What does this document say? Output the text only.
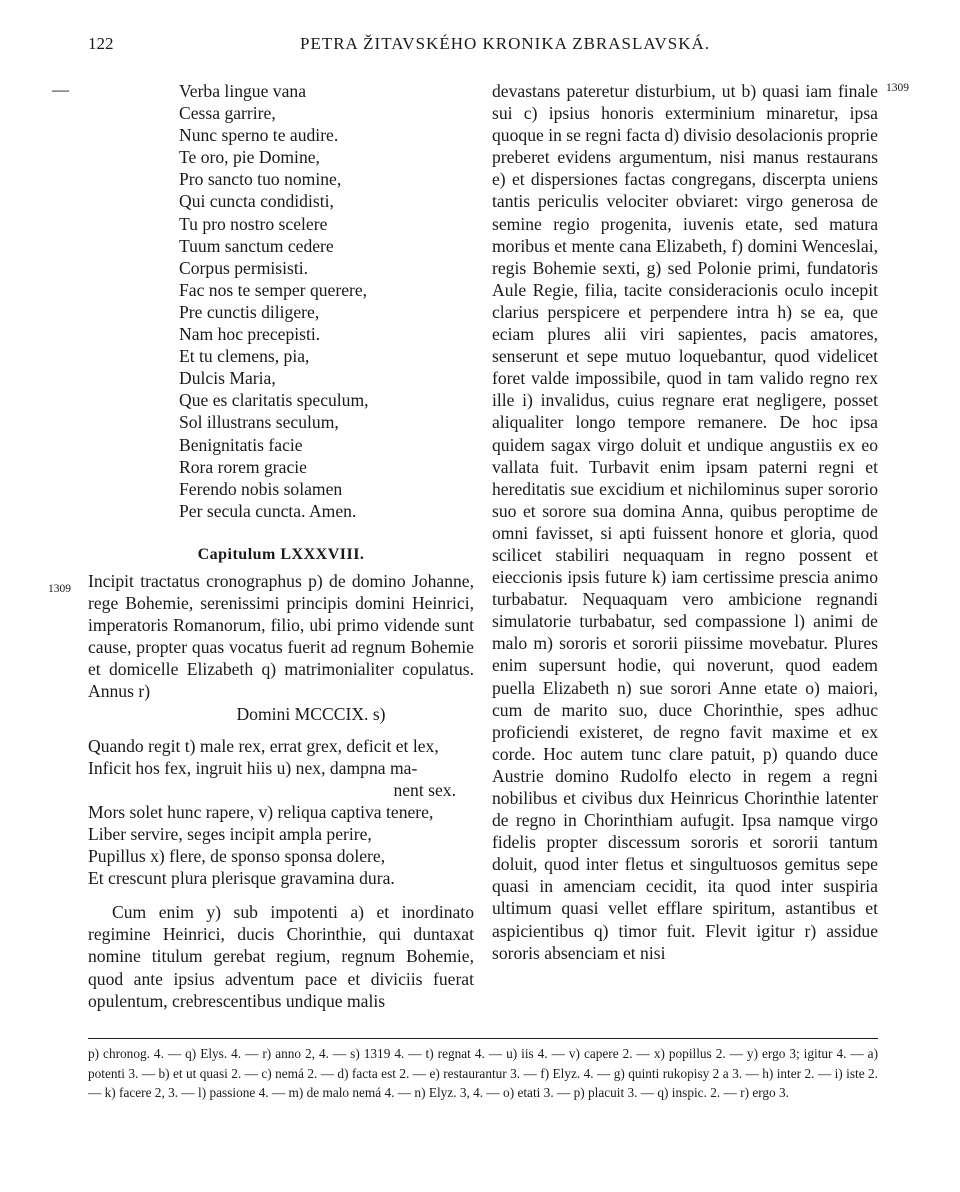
122	PETRA ŽITAVSKÉHO KRONIKA ZBRASLAVSKÁ.
—
1309
1309
Verba lingue vana
Cessa garrire,
Nunc sperno te audire.
Te oro, pie Domine,
Pro sancto tuo nomine,
Qui cuncta condidisti,
Tu pro nostro scelere
Tuum sanctum cedere
Corpus permisisti.
Fac nos te semper querere,
Pre cunctis diligere,
Nam hoc precepisti.
Et tu clemens, pia,
Dulcis Maria,
Que es claritatis speculum,
Sol illustrans seculum,
Benignitatis facie
Rora rorem gracie
Ferendo nobis solamen
Per secula cuncta. Amen.
Capitulum LXXXVIII.

Incipit tractatus cronographus p) de domino Johanne, rege Bohemie, serenissimi principis domini Heinrici, imperatoris Romanorum, filio, ubi primo vidende sunt cause, propter quas vocatus fuerit ad regnum Bohemie et domicelle Elizabeth q) matrimonialiter copulatus. Annus r)

Domini MCCCIX. s)

Quando regit t) male rex, errat grex, deficit et lex,
Inficit hos fex, ingruit hiis u) nex, dampna ma-
nent sex.
Mors solet hunc rapere, v) reliqua captiva tenere,
Liber servire, seges incipit ampla perire,
Pupillus x) flere, de sponso sponsa dolere,
Et crescunt plura plerisque gravamina dura.

Cum enim y) sub impotenti a) et inordinato regimine Heinrici, ducis Chorinthie, qui duntaxat nomine titulum gerebat regium, regnum Bohemie, quod ante ipsius adventum pace et diviciis fuerat opulentum, crebrescentibus undique malis

devastans pateretur disturbium, ut b) quasi iam finale sui c) ipsius honoris exterminium minaretur, ipsa quoque in se regni facta d) divisio desolacionis proprie preberet evidens argumentum, nisi manus restaurans e) et dispersiones factas congregans, discerpta uniens tantis periculis velociter obviaret: virgo generosa de semine regio progenita, iuvenis etate, sed matura moribus et mente cana Elizabeth, f) domini Wenceslai, regis Bohemie sexti, g) sed Polonie primi, fundatoris Aule Regie, filia, tacite consideracionis oculo incepit clarius perspicere et perpendere intra h) se ea, que eciam plures alii viri sapientes, pacis amatores, senserunt et sepe mutuo loquebantur, quod videlicet foret valde impossibile, quod in tam valido regno rex ille i) invalidus, cuius regnare erat negligere, posset aliqualiter longo tempore remanere. De hoc ipsa quidem sagax virgo doluit et undique angustiis ex eo vallata fuit. Turbavit enim ipsam paterni regni et hereditatis sue excidium et nichilominus super sororio suo et sorore sua domina Anna, quibus peroptime de omni favisset, si apti fuissent honore et gloria, quod scilicet stabiliri nequaquam in regno possent et eieccionis ipsis future k) iam certissime prescia animo turbabatur. Nequaquam vero ambicione regnandi simulatorie turbabatur, sed compassione l) animi de malo m) sororis et sororii piissime movebatur. Plures enim supersunt hodie, qui noverunt, quod eadem puella Elizabeth n) sue sorori Anne etate o) maiori, cum de marito suo, duce Chorinthie, spes adhuc proficiendi existeret, de regno favit maxime et ex corde. Hoc autem tunc clare patuit, p) quando duce Austrie domino Rudolfo electo in regem a regni nobilibus et civibus dux Heinricus Chorinthie latenter de regno in Chorinthiam aufugit. Ipsa namque virgo fidelis propter discessum sororis et sororii tantum doluit, quod inter fletus et singultuosos gemitus sepe quasi in amenciam cecidit, ita quod inter suspiria ultimum quasi vellet efflare spiritum, astantibus et aspicientibus q) timor fuit. Flevit igitur r) assidue sororis absenciam et nisi

p) chronog. 4. — q) Elys. 4. — r) anno 2, 4. — s) 1319 4. — t) regnat 4. — u) iis 4. — v) capere 2. — x) popillus 2. — y) ergo 3; igitur 4. — a) potenti 3. — b) et ut quasi 2. — c) nemá 2. — d) facta est 2. — e) restaurantur 3. — f) Elyz. 4. — g) quinti rukopisy 2 a 3. — h) inter 2. — i) iste 2. — k) facere 2, 3. — l) passione 4. — m) de malo nemá 4. — n) Elyz. 3, 4. — o) etati 3. — p) placuit 3. — q) inspic. 2. — r) ergo 3.
